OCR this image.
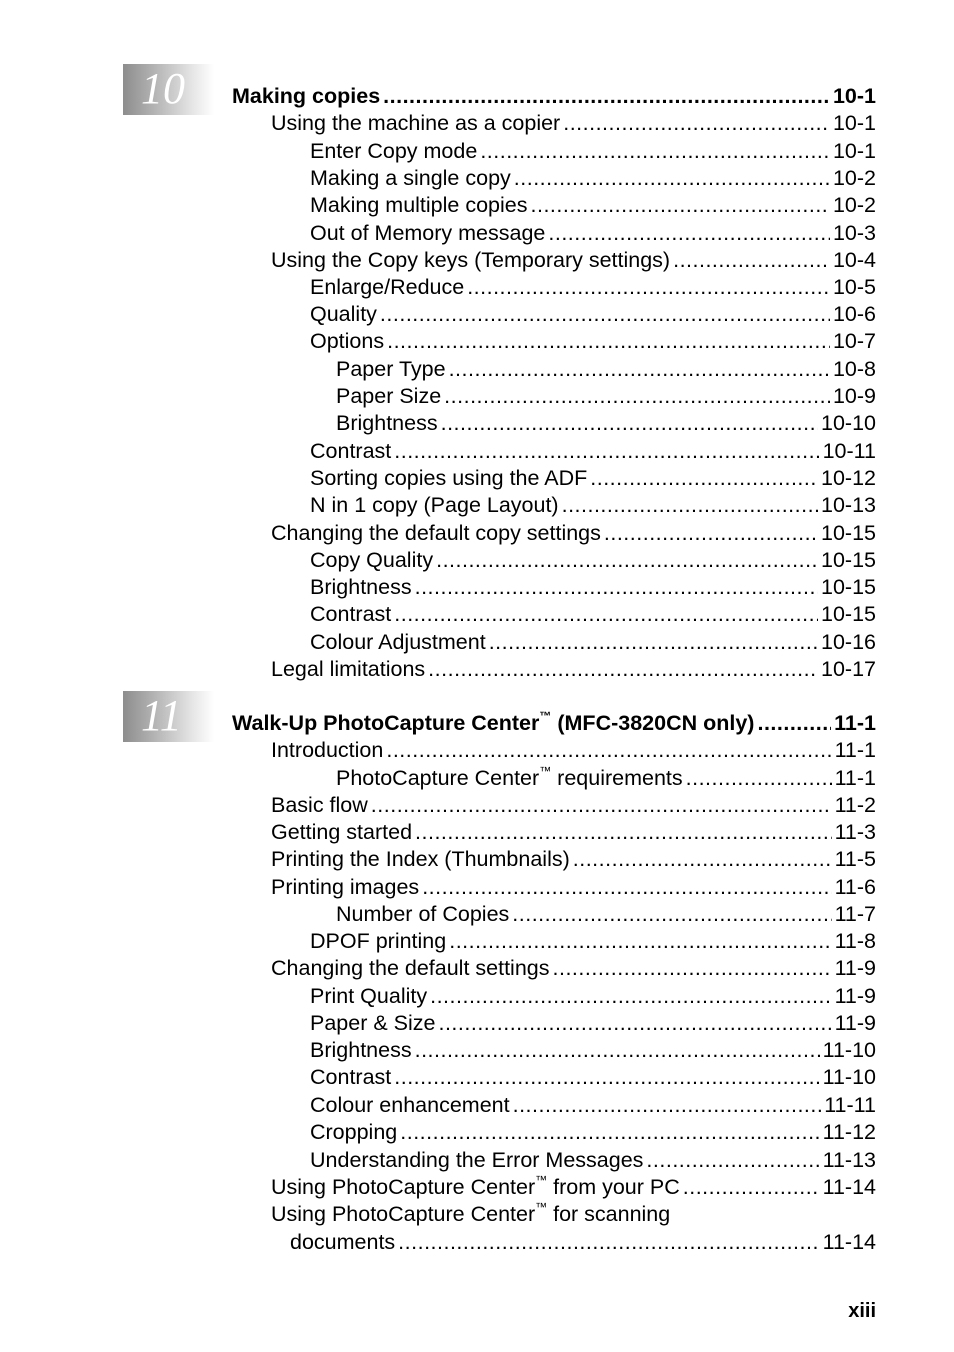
10
11
Making copies .....	10-1
Using the machine as a copier .....	10-1
Enter Copy mode .....	10-1
Making a single copy .....	10-2
Making multiple copies .....	10-2
Out of Memory message .....	10-3
Using the Copy keys (Temporary settings) .....	10-4
Enlarge/Reduce .....	10-5
Quality .....	10-6
Options .....	10-7
Paper Type .....	10-8
Paper Size .....	10-9
Brightness .....	10-10
Contrast .....	10-11
Sorting copies using the ADF .....	10-12
N in 1 copy (Page Layout) .....	10-13
Changing the default copy settings .....	10-15
Copy Quality .....	10-15
Brightness .....	10-15
Contrast .....	10-15
Colour Adjustment .....	10-16
Legal limitations .....	10-17
Walk-Up PhotoCapture Center™ (MFC-3820CN only) .....	11-1
Introduction .....	11-1
PhotoCapture Center™ requirements .....	11-1
Basic flow .....	11-2
Getting started .....	11-3
Printing the Index (Thumbnails) .....	11-5
Printing images .....	11-6
Number of Copies .....	11-7
DPOF printing .....	11-8
Changing the default settings .....	11-9
Print Quality .....	11-9
Paper & Size .....	11-9
Brightness .....	11-10
Contrast .....	11-10
Colour enhancement .....	11-11
Cropping .....	11-12
Understanding the Error Messages .....	11-13
Using PhotoCapture Center™ from your PC .....	11-14
Using PhotoCapture Center™ for scanning
documents .....	11-14
xiii
